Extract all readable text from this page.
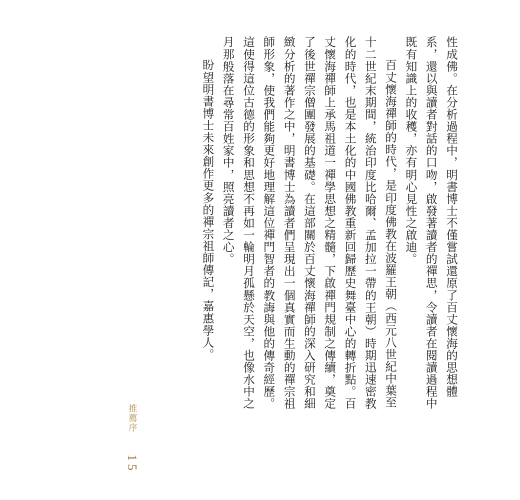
性成佛。在分析過程中，明書博士不僅嘗試還原了百丈懷海的思想體系，還以與讀者對話的口吻，啟發著讀者的禪思，令讀者在閱讀過程中既有知識上的收穫，亦有明心見性之啟迪。

百丈懷海禪師的時代，是印度佛教在波羅王朝（西元八世紀中葉至十二世紀末期間，統治印度比哈爾、孟加拉一帶的王朝）時期迅速密教化的時代，也是本土化的中國佛教重新回歸歷史舞臺中心的轉折點。百丈懷海禪師上承馬祖道一禪學思想之精髓，下啟禪門規制之傳續，奠定了後世禪宗僧團發展的基礎。在這部關於百丈懷海禪師的深入研究和細緻分析的著作之中，明書博士為讀者們呈現出一個真實而生動的禪宗祖師形象，使我們能夠更好地理解這位禪門智者的教誨與他的傳奇經歷。這使得這位古德的形象和思想不再如一輪明月孤懸於天空，也像水中之月那般落在尋常百姓家中，照亮讀者之心。

盼望明書博士未來創作更多的禪宗祖師傳記，嘉惠學人。

推薦序
15
